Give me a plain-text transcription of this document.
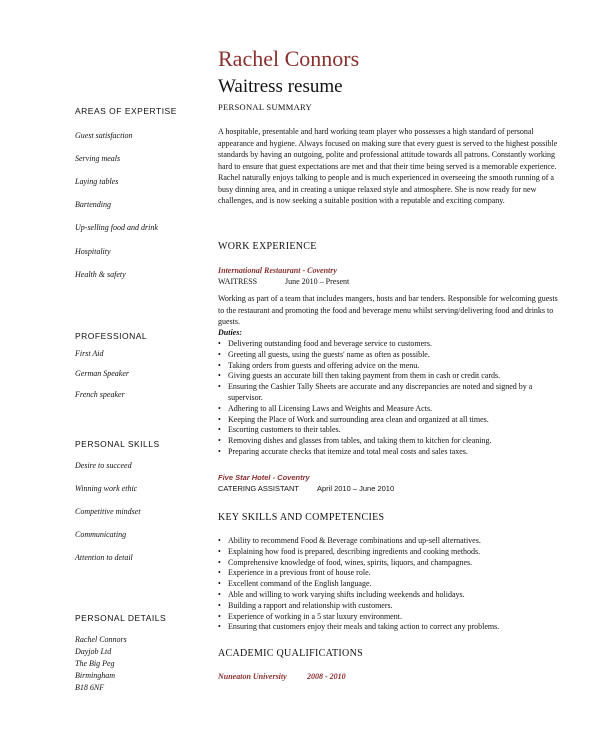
Rachel Connors
Waitress resume
AREAS OF EXPERTISE
Guest satisfaction
Serving meals
Laying tables
Bartending
Up-selling food and drink
Hospitality
Health & safety
PROFESSIONAL
First Aid
German Speaker
French speaker
PERSONAL SKILLS
Desire to succeed
Winning work ethic
Competitive mindset
Communicating
Attention to detail
PERSONAL DETAILS
Rachel Connors
Dayjob Ltd
The Big Peg
Birmingham
B18 6NF
PERSONAL SUMMARY
A hospitable, presentable and hard working team player who possesses a high standard of personal appearance and hygiene. Always focused on making sure that every guest is served to the highest possible standards by having an outgoing, polite and professional attitude towards all patrons. Constantly working hard to ensure that guest expectations are met and that their time being served is a memorable experience. Rachel naturally enjoys talking to people and is much experienced in overseeing the smooth running of a busy dinning area, and in creating a unique relaxed style and atmosphere. She is now ready for new challenges, and is now seeking a suitable position with a reputable and exciting company.
WORK EXPERIENCE
International Restaurant - Coventry
WAITRESS	June 2010 – Present
Working as part of a team that includes mangers, hosts and bar tenders. Responsible for welcoming guests to the restaurant and promoting the food and beverage menu whilst serving/delivering food and drinks to guests.
Duties:
• Delivering outstanding food and beverage service to customers.
• Greeting all guests, using the guests' name as often as possible.
• Taking orders from guests and offering advice on the menu.
• Giving guests an accurate bill then taking payment from them in cash or credit cards.
• Ensuring the Cashier Tally Sheets are accurate and any discrepancies are noted and signed by a supervisor.
• Adhering to all Licensing Laws and Weights and Measure Acts.
• Keeping the Place of Work and surrounding area clean and organized at all times.
• Escorting customers to their tables.
• Removing dishes and glasses from tables, and taking them to kitchen for cleaning.
• Preparing accurate checks that itemize and total meal costs and sales taxes.
Five Star Hotel - Coventry
CATERING ASSISTANT April 2010 – June 2010
KEY SKILLS AND COMPETENCIES
• Ability to recommend Food & Beverage combinations and up-sell alternatives.
• Explaining how food is prepared, describing ingredients and cooking methods.
• Comprehensive knowledge of food, wines, spirits, liquors, and champagnes.
• Experience in a previous front of house role.
• Excellent command of the English language.
• Able and willing to work varying shifts including weekends and holidays.
• Building a rapport and relationship with customers.
• Experience of working in a 5 star luxury environment.
• Ensuring that customers enjoy their meals and taking action to correct any problems.
ACADEMIC QUALIFICATIONS
Nuneaton University	2008 - 2010
